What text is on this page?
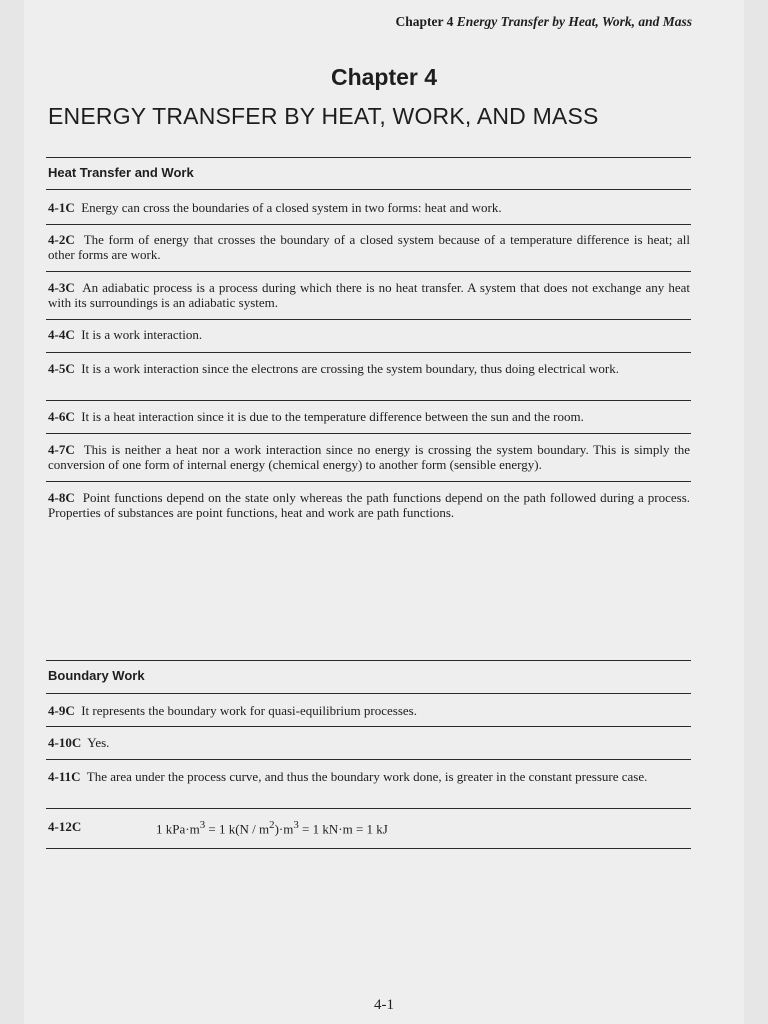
Chapter 4 Energy Transfer by Heat, Work, and Mass
Chapter 4
ENERGY TRANSFER BY HEAT, WORK, AND MASS
Heat Transfer and Work
4-1C Energy can cross the boundaries of a closed system in two forms: heat and work.
4-2C The form of energy that crosses the boundary of a closed system because of a temperature difference is heat; all other forms are work.
4-3C An adiabatic process is a process during which there is no heat transfer. A system that does not exchange any heat with its surroundings is an adiabatic system.
4-4C It is a work interaction.
4-5C It is a work interaction since the electrons are crossing the system boundary, thus doing electrical work.
4-6C It is a heat interaction since it is due to the temperature difference between the sun and the room.
4-7C This is neither a heat nor a work interaction since no energy is crossing the system boundary. This is simply the conversion of one form of internal energy (chemical energy) to another form (sensible energy).
4-8C Point functions depend on the state only whereas the path functions depend on the path followed during a process. Properties of substances are point functions, heat and work are path functions.
Boundary Work
4-9C It represents the boundary work for quasi-equilibrium processes.
4-10C Yes.
4-11C The area under the process curve, and thus the boundary work done, is greater in the constant pressure case.
4-12C	1 $kPa\cdot m^3 = 1$ $k(N / m^2)\cdot m^3 = 1$ kN·m = 1 kJ
4-1
